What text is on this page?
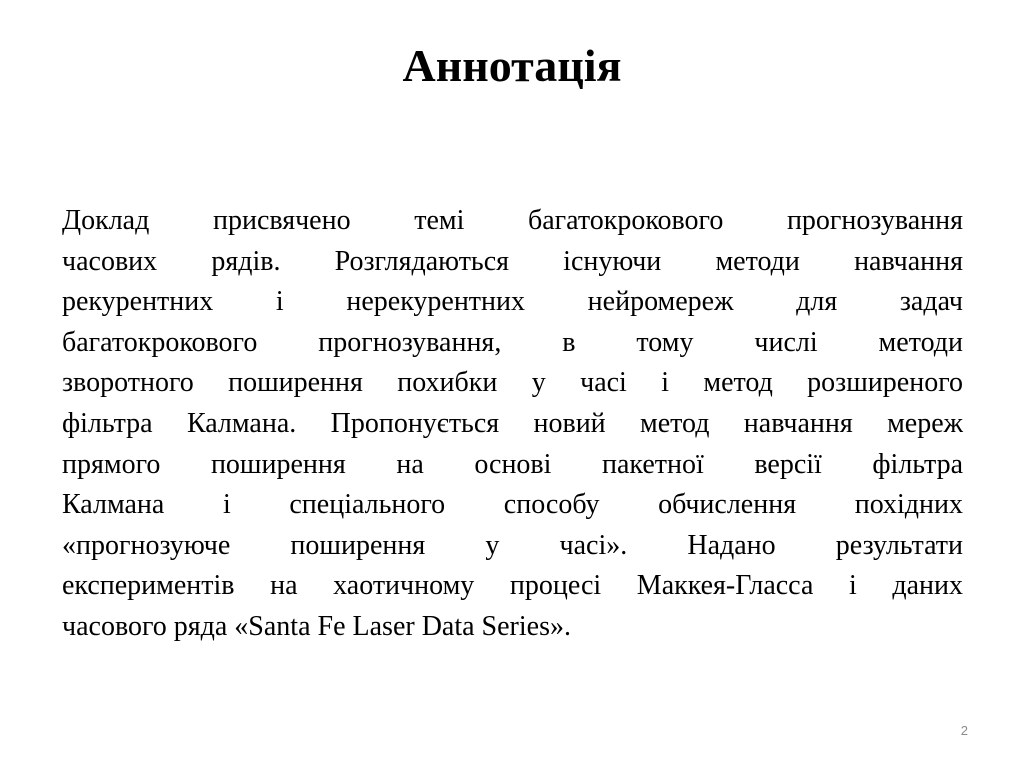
Аннотація
Доклад присвячено темі багатокрокового прогнозування
часових рядів. Розглядаються існуючи методи навчання
рекурентних і нерекурентних нейромереж для задач
багатокрокового прогнозування, в тому числі методи
зворотного поширення похибки у часі і метод розширеного
фільтра Калмана. Пропонується новий метод навчання мереж
прямого поширення на основі пакетної версії фільтра
Калмана і спеціального способу обчислення похідних
«прогнозуюче поширення у часі». Надано результати
експериментів на хаотичному процесі Маккея-Гласса і даних
часового ряда «Santa Fe Laser Data Series».
2
